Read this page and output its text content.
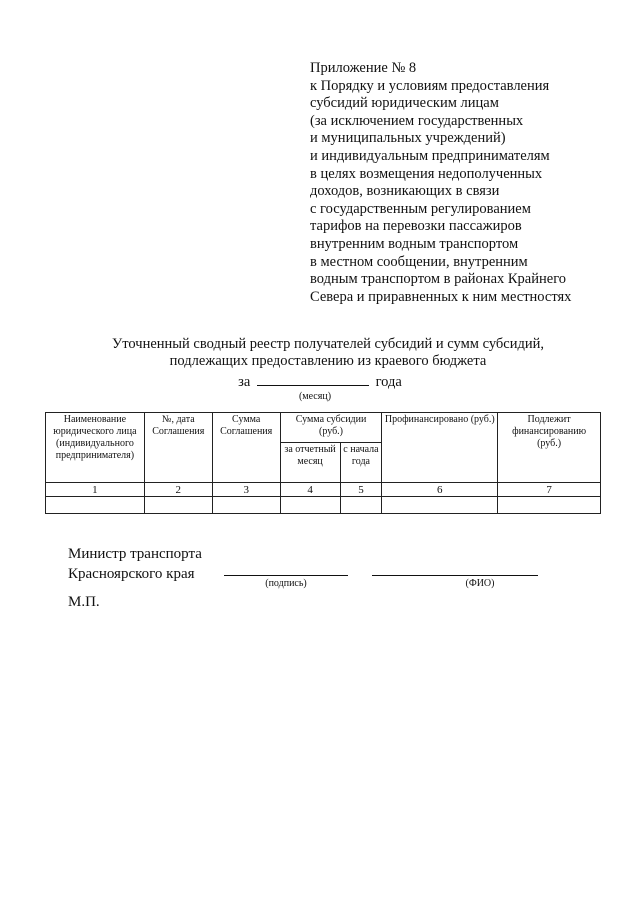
Приложение № 8
к Порядку и условиям предоставления
субсидий юридическим лицам
(за исключением государственных
и муниципальных учреждений)
и индивидуальным предпринимателям
в целях возмещения недополученных
доходов, возникающих в связи
с государственным регулированием
тарифов на перевозки пассажиров
внутренним водным транспортом
в местном сообщении, внутренним
водным транспортом в районах Крайнего
Севера и приравненных к ним местностях
Уточненный сводный реестр получателей субсидий и сумм субсидий,
подлежащих предоставлению из краевого бюджета
за	года
(месяц)
Наименование юридического лица (индивидуального предпринимателя)	№, дата Соглашения	Сумма Соглашения	Сумма субсидии (руб.)		Профинансировано (руб.)	Подлежит финансированию (руб.)
			за отчетный месяц	с начала года		
1	2	3	4	5	6	7

Министр транспорта
Красноярского края
(подпись)	(ФИО)
М.П.
